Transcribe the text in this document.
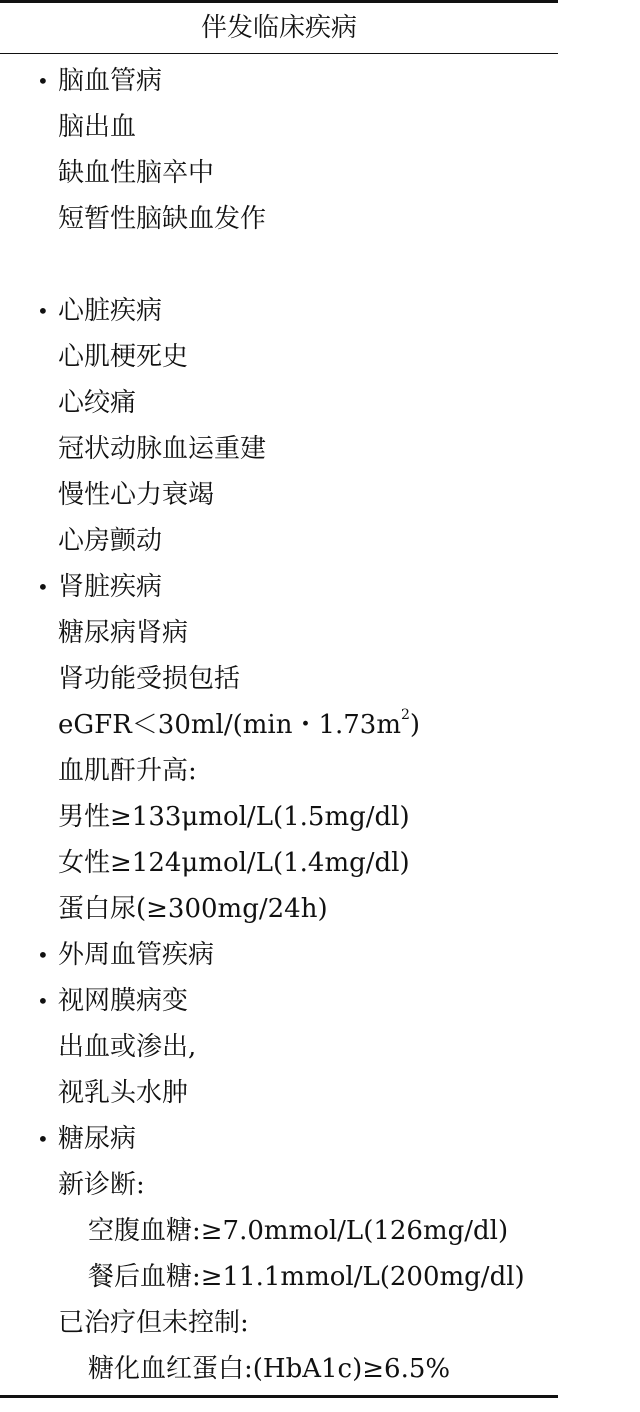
伴发临床疾病
• 脑血管病
脑出血
缺血性脑卒中
短暂性脑缺血发作
• 心脏疾病
心肌梗死史
心绞痛
冠状动脉血运重建
慢性心力衰竭
心房颤动
• 肾脏疾病
糖尿病肾病
肾功能受损包括
eGFR＜30ml/(min・$1.73m^2$)
血肌酐升高:
男性≥133μmol/L(1.5mg/dl)
女性≥124μmol/L(1.4mg/dl)
蛋白尿(≥300mg/24h)
• 外周血管疾病
• 视网膜病变
出血或渗出,
视乳头水肿
• 糖尿病
新诊断:
空腹血糖:≥7.0mmol/L(126mg/dl)
餐后血糖:≥11.1mmol/L(200mg/dl)
已治疗但未控制:
糖化血红蛋白:(HbA1c)≥6.5%
